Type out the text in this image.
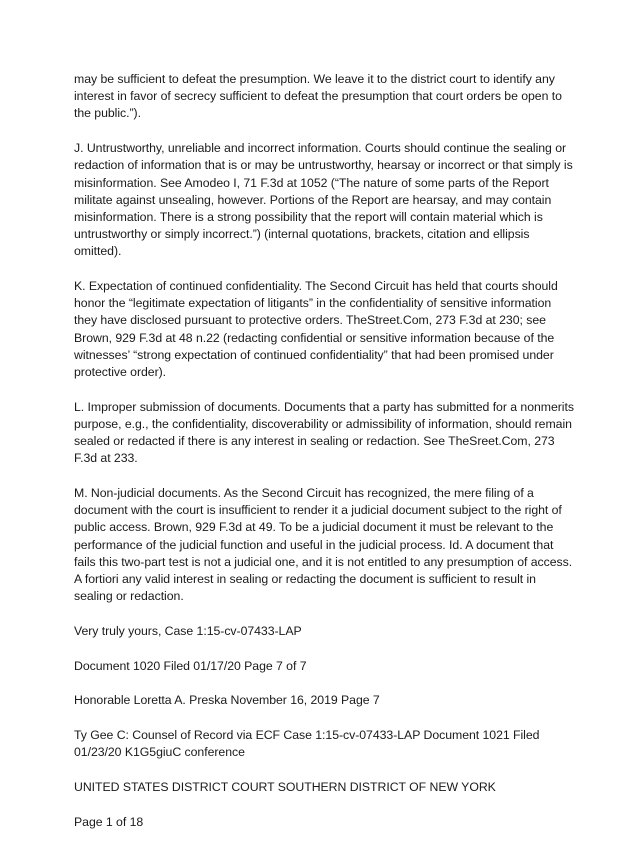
may be sufficient to defeat the presumption. We leave it to the district court to identify any interest in favor of secrecy sufficient to defeat the presumption that court orders be open to the public.”).

J. Untrustworthy, unreliable and incorrect information. Courts should continue the sealing or redaction of information that is or may be untrustworthy, hearsay or incorrect or that simply is misinformation. See Amodeo I, 71 F.3d at 1052 (“The nature of some parts of the Report militate against unsealing, however. Portions of the Report are hearsay, and may contain misinformation. There is a strong possibility that the report will contain material which is untrustworthy or simply incorrect.”) (internal quotations, brackets, citation and ellipsis omitted).

K. Expectation of continued confidentiality. The Second Circuit has held that courts should honor the “legitimate expectation of litigants” in the confidentiality of sensitive information they have disclosed pursuant to protective orders. TheStreet.Com, 273 F.3d at 230; see Brown, 929 F.3d at 48 n.22 (redacting confidential or sensitive information because of the witnesses’ “strong expectation of continued confidentiality” that had been promised under protective order).

L. Improper submission of documents. Documents that a party has submitted for a nonmerits purpose, e.g., the confidentiality, discoverability or admissibility of information, should remain sealed or redacted if there is any interest in sealing or redaction. See TheSreet.Com, 273 F.3d at 233.

M. Non-judicial documents. As the Second Circuit has recognized, the mere filing of a document with the court is insufficient to render it a judicial document subject to the right of public access. Brown, 929 F.3d at 49. To be a judicial document it must be relevant to the performance of the judicial function and useful in the judicial process. Id. A document that fails this two-part test is not a judicial one, and it is not entitled to any presumption of access. A fortiori any valid interest in sealing or redacting the document is sufficient to result in sealing or redaction.

Very truly yours, Case 1:15-cv-07433-LAP

Document 1020 Filed 01/17/20 Page 7 of 7

Honorable Loretta A. Preska November 16, 2019 Page 7

Ty Gee C: Counsel of Record via ECF Case 1:15-cv-07433-LAP Document 1021 Filed 01/23/20 K1G5giuC conference

UNITED STATES DISTRICT COURT SOUTHERN DISTRICT OF NEW YORK

Page 1 of 18
